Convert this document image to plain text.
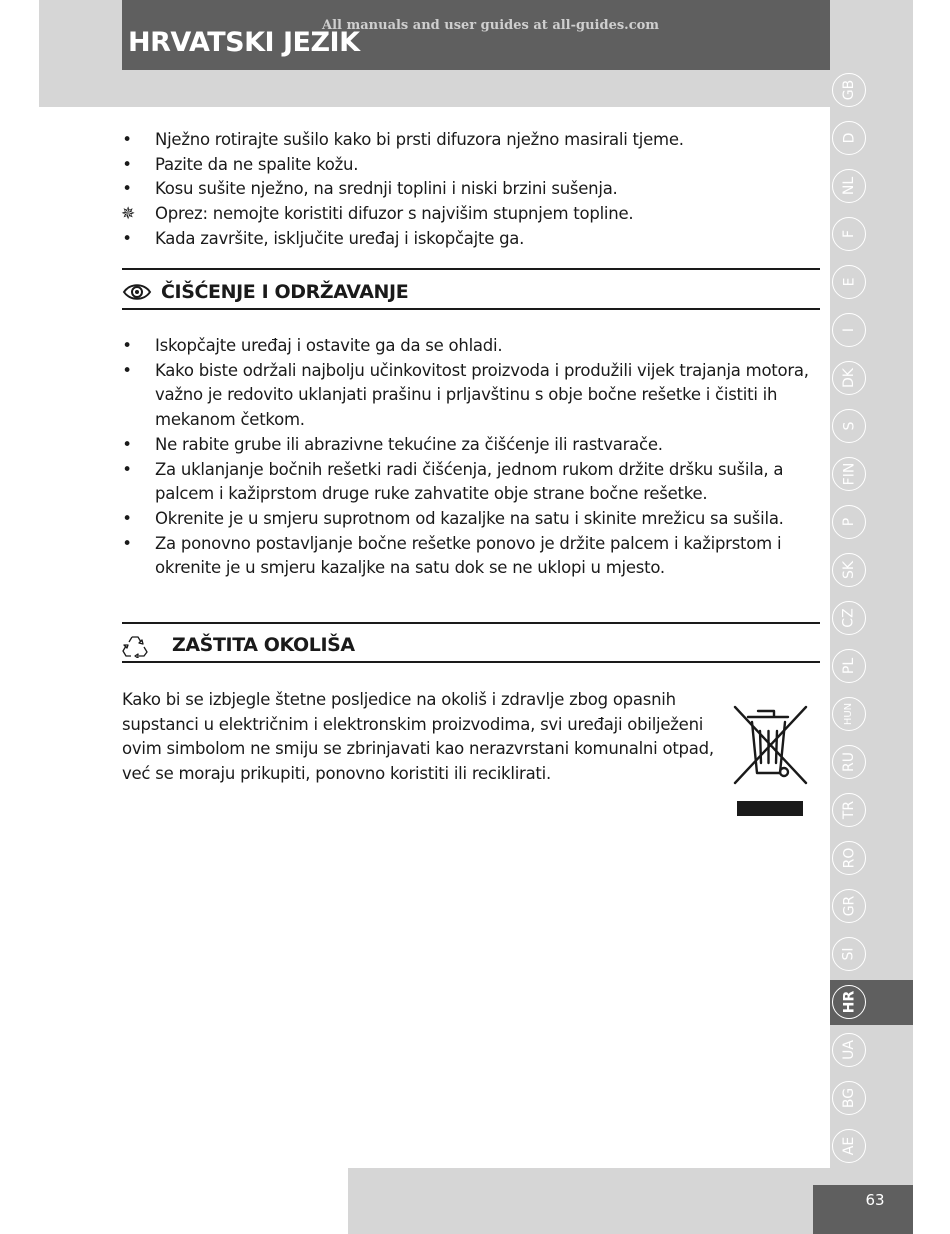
HRVATSKI JEZIK

All manuals and user guides at all-guides.com

GB
D
NL
F
E
I
DK
S
FIN
P
SK
CZ
PL
HUN
RU
TR
RO
GR
SI
HR
UA
BG
AE
• Nježno rotirajte sušilo kako bi prsti difuzora nježno masirali tjeme.
• Pazite da ne spalite kožu.
• Kosu sušite nježno, na srednji toplini i niski brzini sušenja.
✵ Oprez: nemojte koristiti difuzor s najvišim stupnjem topline.
• Kada završite, isključite uređaj i iskopčajte ga.
ČIŠĆENJE I ODRŽAVANJE
• Iskopčajte uređaj i ostavite ga da se ohladi.
• Kako biste održali najbolju učinkovitost proizvoda i produžili vijek trajanja motora, važno je redovito uklanjati prašinu i prljavštinu s obje bočne rešetke i čistiti ih mekanom četkom.
• Ne rabite grube ili abrazivne tekućine za čišćenje ili rastvarače.
• Za uklanjanje bočnih rešetki radi čišćenja, jednom rukom držite dršku sušila, a palcem i kažiprstom druge ruke zahvatite obje strane bočne rešetke.
• Okrenite je u smjeru suprotnom od kazaljke na satu i skinite mrežicu sa sušila.
• Za ponovno postavljanje bočne rešetke ponovo je držite palcem i kažiprstom i okrenite je u smjeru kazaljke na satu dok se ne uklopi u mjesto.
ZAŠTITA OKOLIŠA

Kako bi se izbjegle štetne posljedice na okoliš i zdravlje zbog opasnih supstanci u električnim i elektronskim proizvodima, svi uređaji obilježeni ovim simbolom ne smiju se zbrinjavati kao nerazvrstani komunalni otpad, već se moraju prikupiti, ponovno koristiti ili reciklirati.

63
